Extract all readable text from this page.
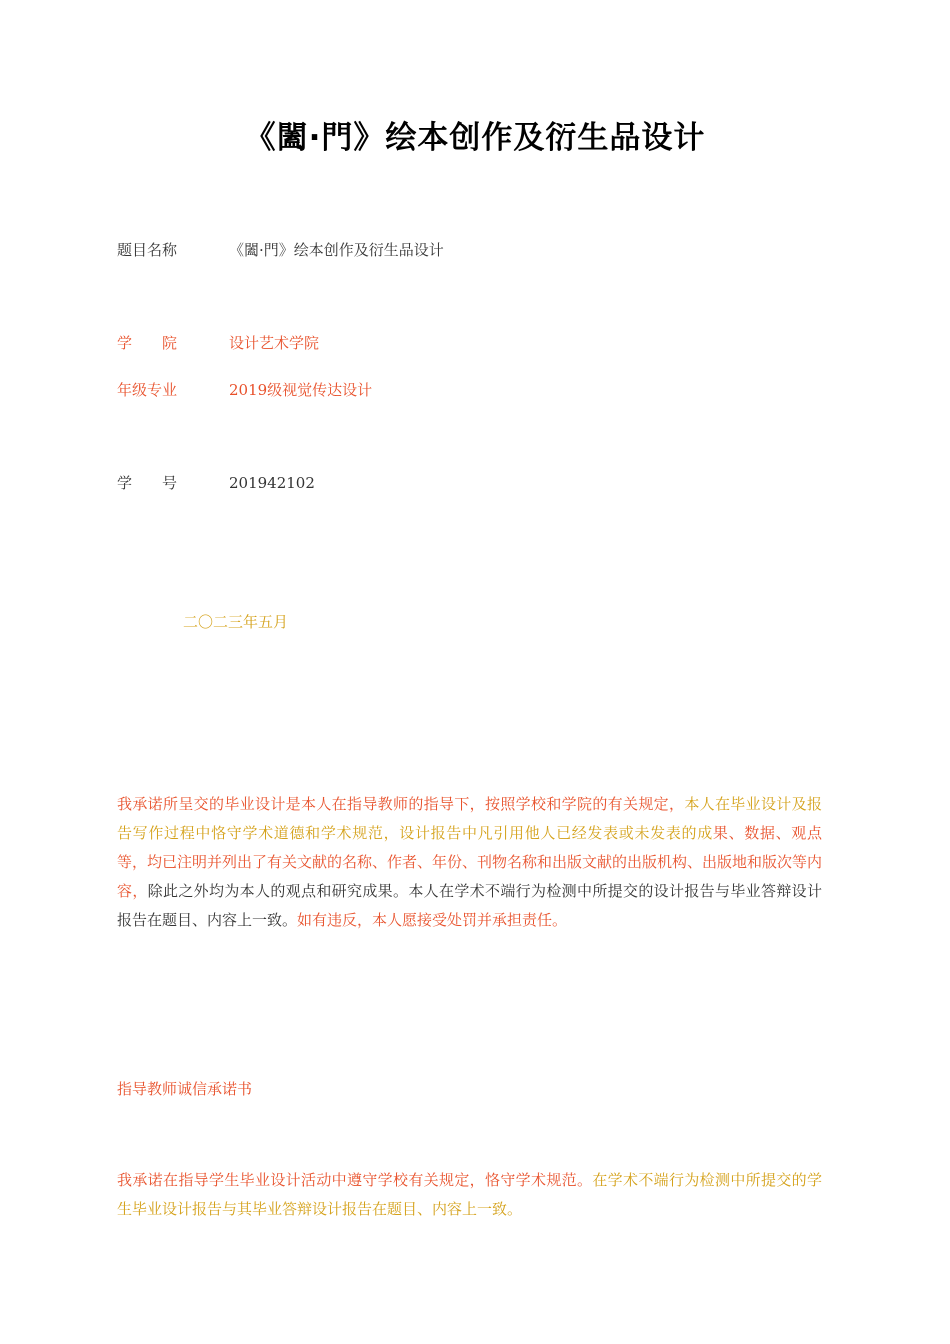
《闔·門》绘本创作及衍生品设计
题目名称	《闔·門》绘本创作及衍生品设计
学　　院	设计艺术学院
年级专业	2019级视觉传达设计
学　　号	201942102
二〇二三年五月

我承诺所呈交的毕业设计是本人在指导教师的指导下，按照学校和学院的有关规定，本人在毕业设计及报告写作过程中恪守学术道德和学术规范，设计报告中凡引用他人已经发表或未发表的成果、数据、观点等，均已注明并列出了有关文献的名称、作者、年份、刊物名称和出版文献的出版机构、出版地和版次等内容，除此之外均为本人的观点和研究成果。本人在学术不端行为检测中所提交的设计报告与毕业答辩设计报告在题目、内容上一致。如有违反，本人愿接受处罚并承担责任。

指导教师诚信承诺书

我承诺在指导学生毕业设计活动中遵守学校有关规定，恪守学术规范。在学术不端行为检测中所提交的学生毕业设计报告与其毕业答辩设计报告在题目、内容上一致。
